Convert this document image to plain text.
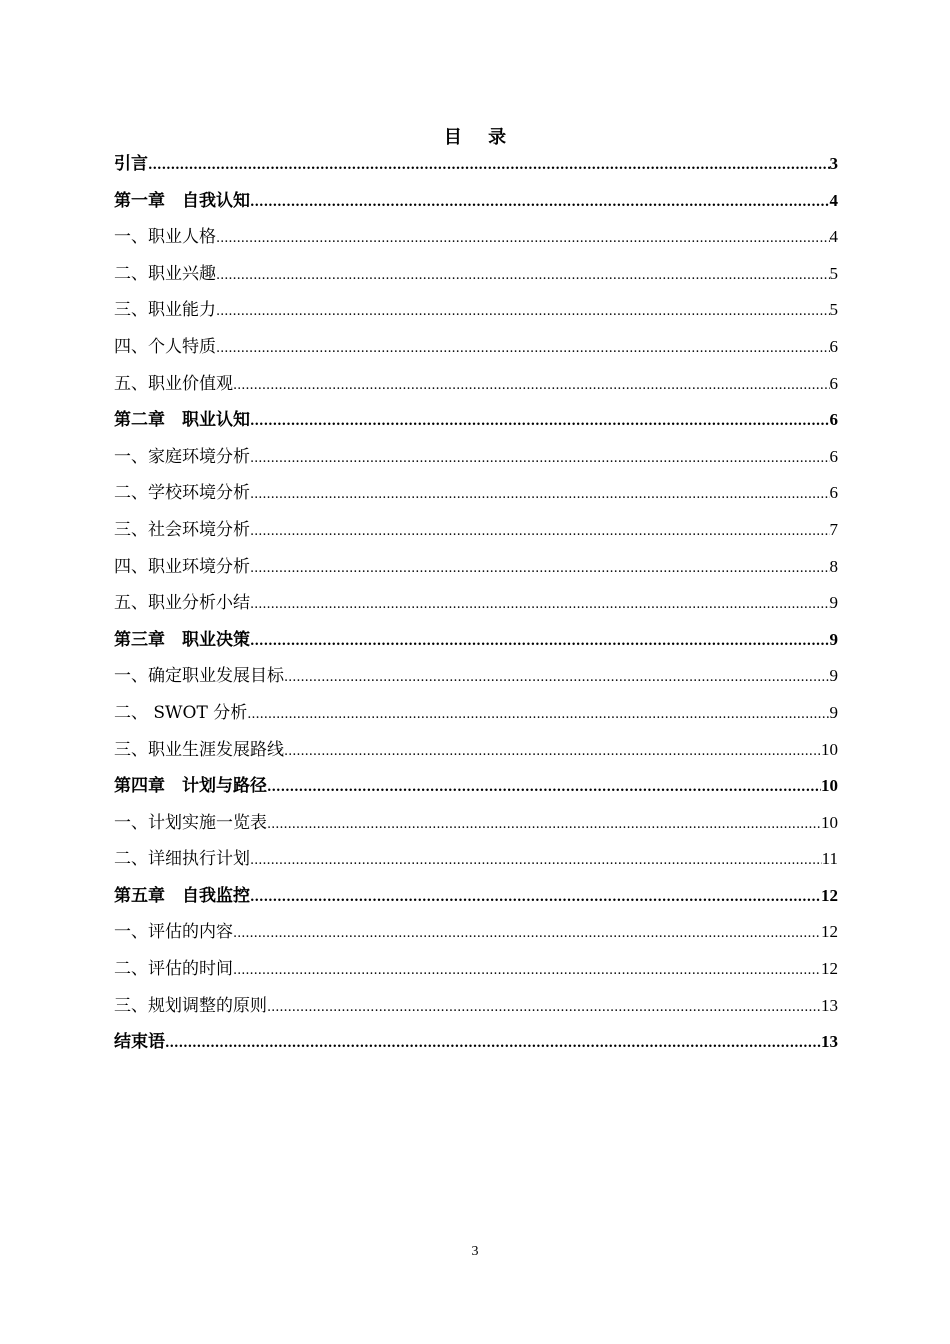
目 录
引言 .....	3
第一章　自我认知 .....	4
一、职业人格 .....	4
二、职业兴趣 .....	5
三、职业能力 .....	5
四、个人特质 .....	6
五、职业价值观 .....	6
第二章　职业认知 .....	6
一、家庭环境分析 .....	6
二、学校环境分析 .....	6
三、社会环境分析 .....	7
四、职业环境分析 .....	8
五、职业分析小结 .....	9
第三章　职业决策 .....	9
一、确定职业发展目标 .....	9
二、 SWOT 分析 .....	9
三、职业生涯发展路线 .....	10
第四章　计划与路径 .....	10
一、计划实施一览表 .....	10
二、详细执行计划 .....	11
第五章　自我监控 .....	12
一、评估的内容 .....	12
二、评估的时间 .....	12
三、规划调整的原则 .....	13
结束语 .....	13
3
